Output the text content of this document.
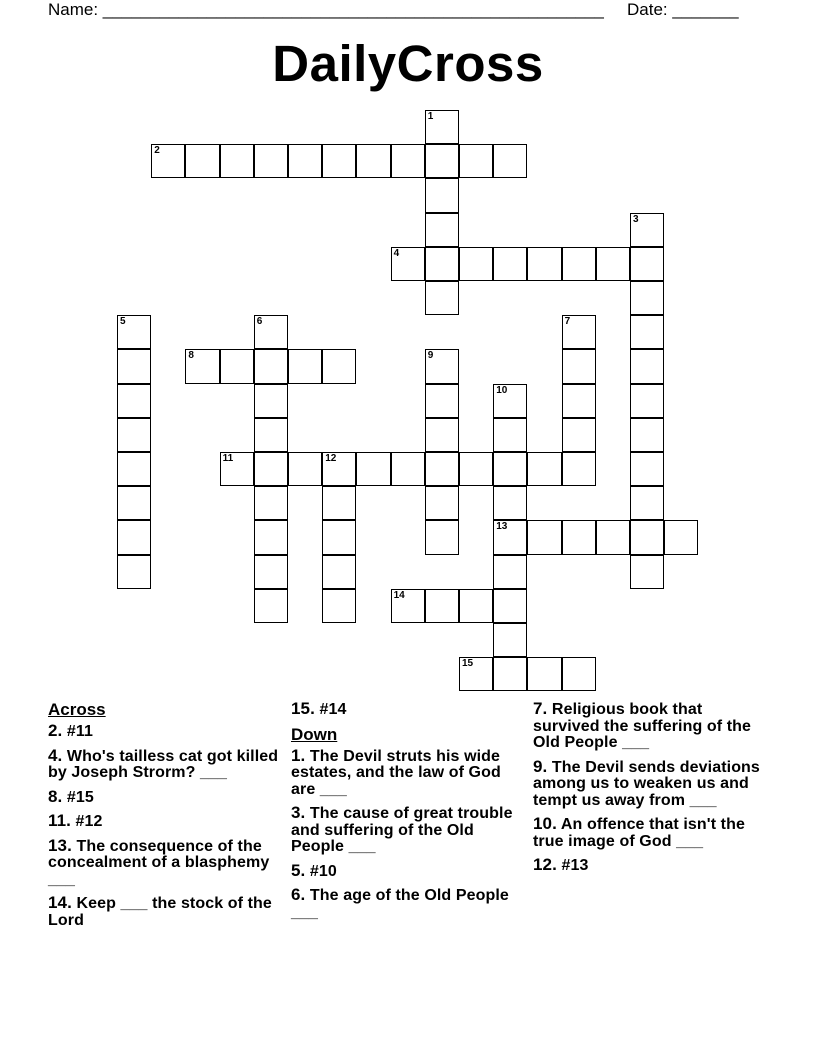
Name: _____________________________________________________ Date: _______
DailyCross
1
2
3
4
5	6	7
8	9
10
13
11	12
14
15
Across
2. #11
4. Who's tailless cat got killed by Joseph Strorm? ___
8. #15
11. #12
13. The consequence of the concealment of a blasphemy ___
14. Keep ___ the stock of the Lord
15. #14
Down
1. The Devil struts his wide estates, and the law of God are ___
3. The cause of great trouble and suffering of the Old People ___
5. #10
6. The age of the Old People ___
7. Religious book that survived the suffering of the Old People ___
9. The Devil sends deviations among us to weaken us and tempt us away from ___
10. An offence that isn't the true image of God ___
12. #13
